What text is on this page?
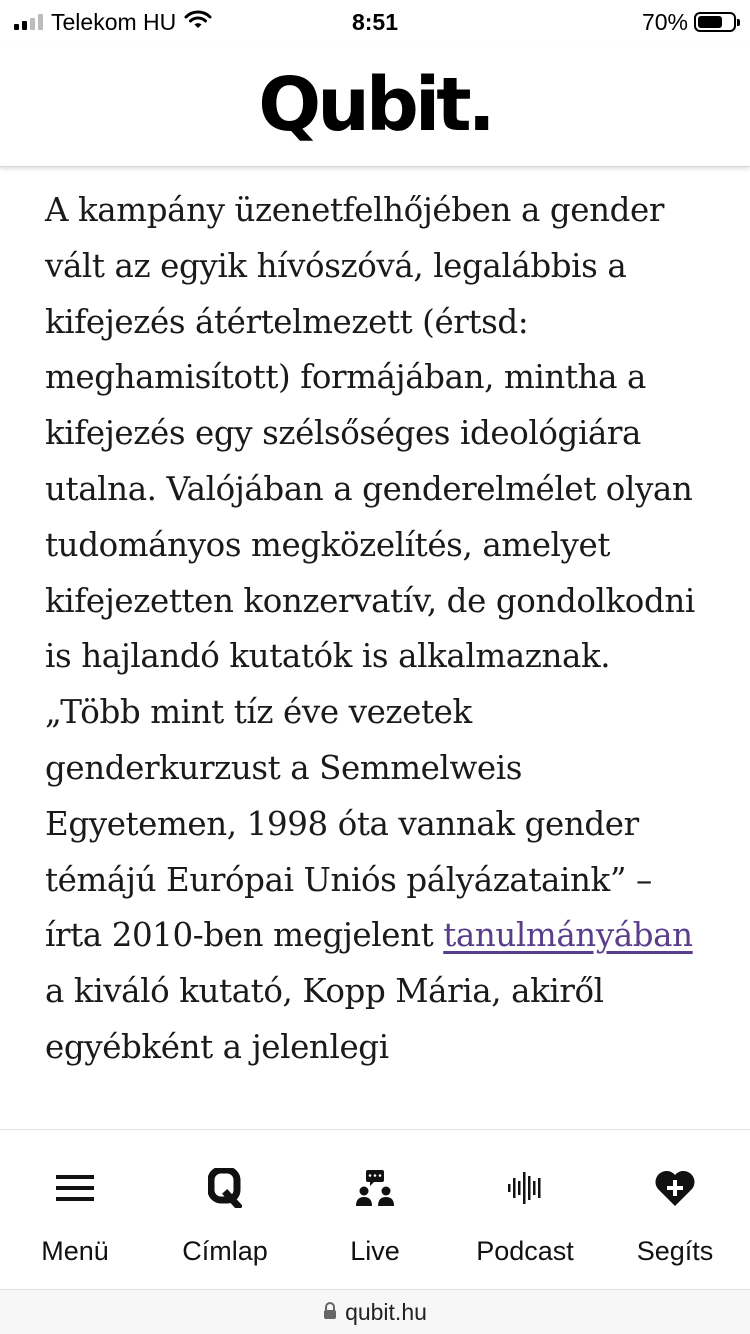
Telekom HU	8:51	70%
Qubit.

A kampány üzenetfelhőjében a gender vált az egyik hívószóvá, legalábbis a kifejezés átértelmezett (értsd: meghamisított) formájában, mintha a kifejezés egy szélsőséges ideológiára utalna. Valójában a genderelmélet olyan tudományos megközelítés, amelyet kifejezetten konzervatív, de gondolkodni is hajlandó kutatók is alkalmaznak. „Több mint tíz éve vezetek genderkurzust a Semmelweis Egyetemen, 1998 óta vannak gender témájú Európai Uniós pályázataink” – írta 2010-ben megjelent tanulmányában a kiváló kutató, Kopp Mária, akiről egyébként a jelenlegi

Menü	Címlap	Live	Podcast Segíts
qubit.hu
